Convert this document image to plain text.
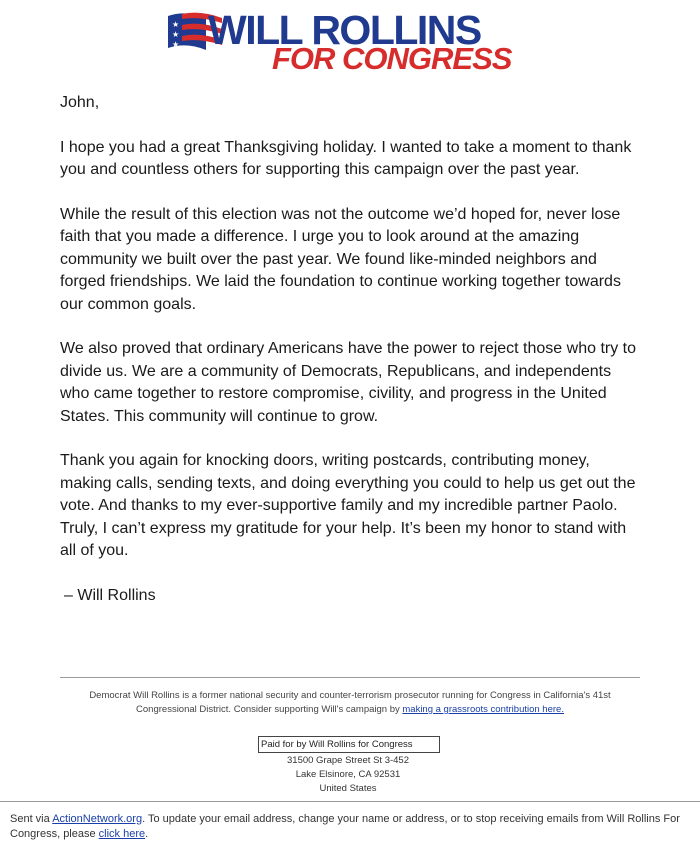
★
★
★ WILL ROLLINS
FOR CONGRESS

John,

I hope you had a great Thanksgiving holiday. I wanted to take a moment to thank you and countless others for supporting this campaign over the past year.

While the result of this election was not the outcome we’d hoped for, never lose faith that you made a difference. I urge you to look around at the amazing community we built over the past year. We found like-minded neighbors and forged friendships. We laid the foundation to continue working together towards our common goals.

We also proved that ordinary Americans have the power to reject those who try to divide us. We are a community of Democrats, Republicans, and independents who came together to restore compromise, civility, and progress in the United States. This community will continue to grow.

Thank you again for knocking doors, writing postcards, contributing money, making calls, sending texts, and doing everything you could to help us get out the vote. And thanks to my ever-supportive family and my incredible partner Paolo. Truly, I can’t express my gratitude for your help. It’s been my honor to stand with all of you.

– Will Rollins

Democrat Will Rollins is a former national security and counter-terrorism prosecutor running for Congress in California's 41st Congressional District. Consider supporting Will's campaign by making a grassroots contribution here.
Paid for by Will Rollins for Congress
31500 Grape Street St 3-452
Lake Elsinore, CA 92531
United States
Sent via ActionNetwork.org. To update your email address, change your name or address, or to stop receiving emails from Will Rollins For Congress, please click here.
